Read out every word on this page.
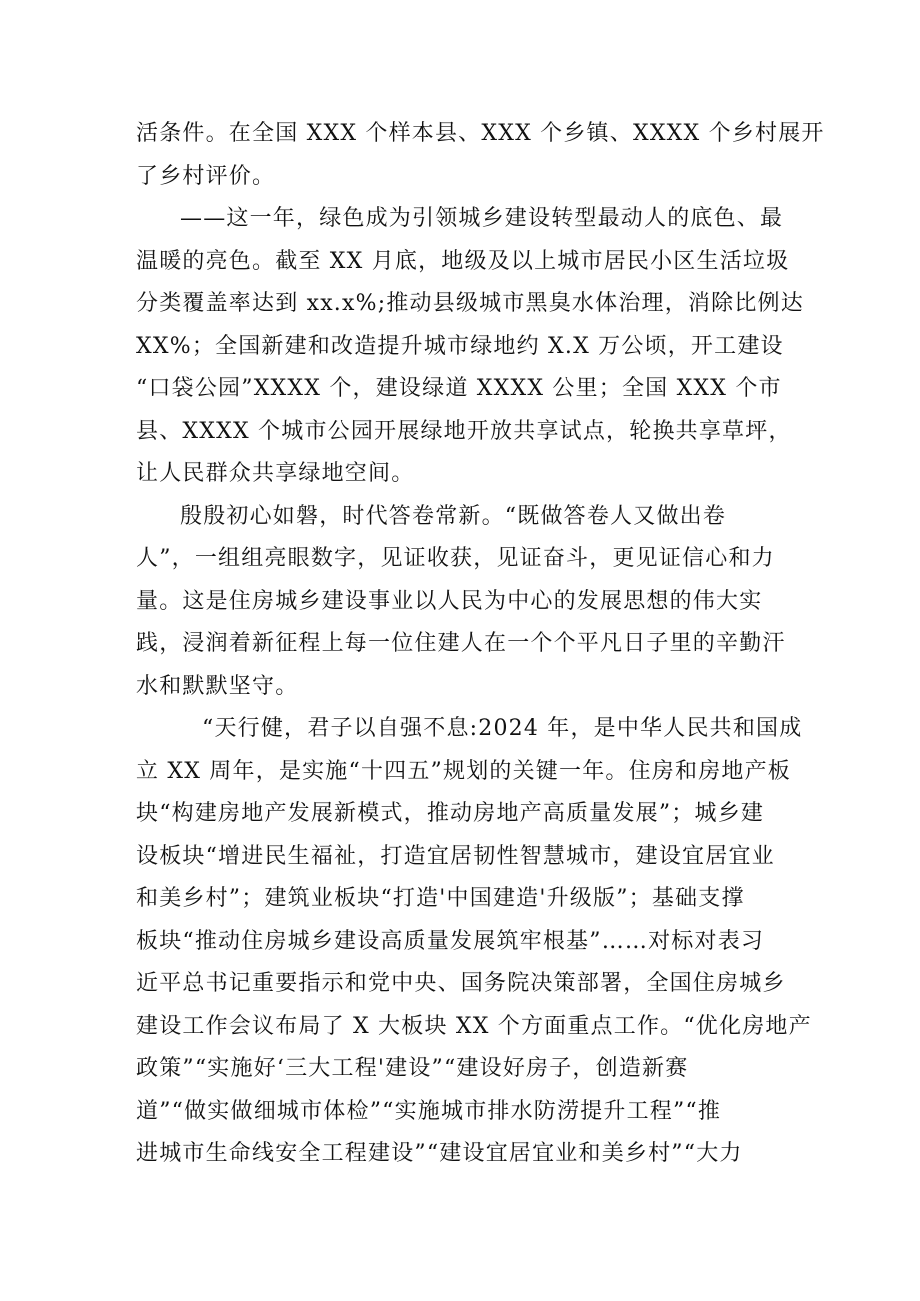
活条件。在全国 XXX 个样本县、XXX 个乡镇、XXXX 个乡村展开
了乡村评价。
——这一年，绿色成为引领城乡建设转型最动人的底色、最
温暖的亮色。截至 XX 月底，地级及以上城市居民小区生活垃圾
分类覆盖率达到 xx.x%;推动县级城市黑臭水体治理，消除比例达
XX%；全国新建和改造提升城市绿地约 X.X 万公顷，开工建设
“口袋公园”XXXX 个，建设绿道 XXXX 公里；全国 XXX 个市
县、XXXX 个城市公园开展绿地开放共享试点，轮换共享草坪，
让人民群众共享绿地空间。
殷殷初心如磐，时代答卷常新。“既做答卷人又做出卷
人”，一组组亮眼数字，见证收获，见证奋斗，更见证信心和力
量。这是住房城乡建设事业以人民为中心的发展思想的伟大实
践，浸润着新征程上每一位住建人在一个个平凡日子里的辛勤汗
水和默默坚守。
“天行健，君子以自强不息:2024 年，是中华人民共和国成
立 XX 周年，是实施“十四五”规划的关键一年。住房和房地产板
块“构建房地产发展新模式，推动房地产高质量发展”；城乡建
设板块“增进民生福祉，打造宜居韧性智慧城市，建设宜居宜业
和美乡村”；建筑业板块“打造'中国建造'升级版”；基础支撑
板块“推动住房城乡建设高质量发展筑牢根基”……对标对表习
近平总书记重要指示和党中央、国务院决策部署，全国住房城乡
建设工作会议布局了 X 大板块 XX 个方面重点工作。“优化房地产
政策”“实施好‘三大工程'建设”“建设好房子，创造新赛
道”“做实做细城市体检”“实施城市排水防涝提升工程”“推
进城市生命线安全工程建设”“建设宜居宜业和美乡村”“大力
